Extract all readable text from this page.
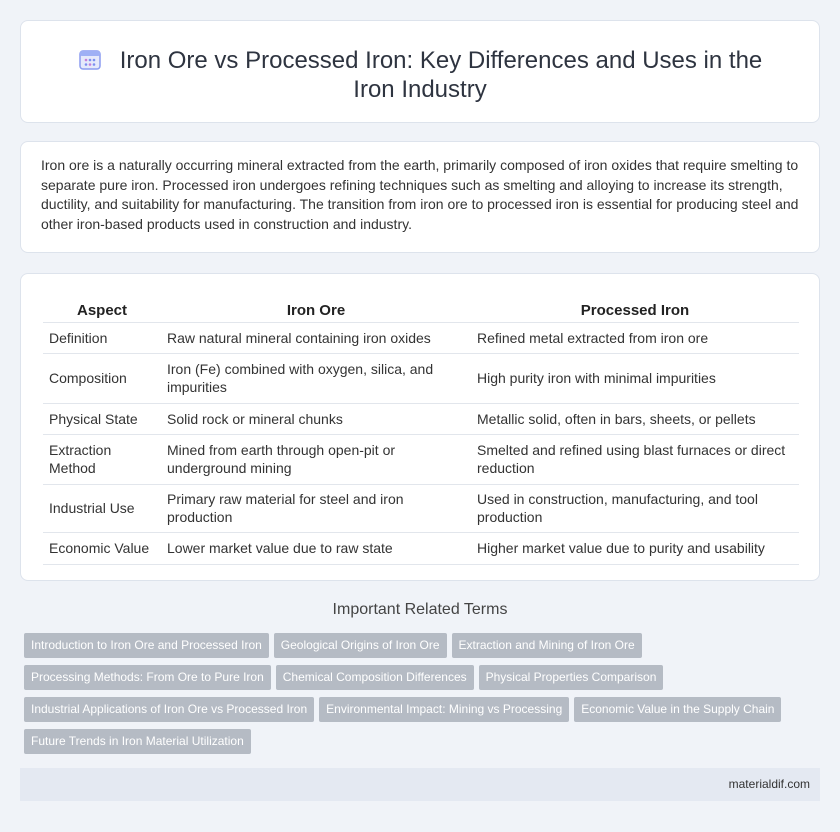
Iron Ore vs Processed Iron: Key Differences and Uses in the Iron Industry

Iron ore is a naturally occurring mineral extracted from the earth, primarily composed of iron oxides that require smelting to separate pure iron. Processed iron undergoes refining techniques such as smelting and alloying to increase its strength, ductility, and suitability for manufacturing. The transition from iron ore to processed iron is essential for producing steel and other iron-based products used in construction and industry.

Aspect	Iron Ore	Processed Iron
Definition	Raw natural mineral containing iron oxides	Refined metal extracted from iron ore
Composition	Iron (Fe) combined with oxygen, silica, and impurities	High purity iron with minimal impurities
Physical State	Solid rock or mineral chunks	Metallic solid, often in bars, sheets, or pellets
Extraction Method	Mined from earth through open-pit or underground mining	Smelted and refined using blast furnaces or direct reduction
Industrial Use	Primary raw material for steel and iron production	Used in construction, manufacturing, and tool production
Economic Value	Lower market value due to raw state	Higher market value due to purity and usability
Important Related Terms
Introduction to Iron Ore and Processed Iron Geological Origins of Iron Ore Extraction and Mining of Iron Ore
Processing Methods: From Ore to Pure Iron Chemical Composition Differences Physical Properties Comparison
Industrial Applications of Iron Ore vs Processed Iron Environmental Impact: Mining vs Processing Economic Value in the Supply Chain
Future Trends in Iron Material Utilization
materialdif.com
